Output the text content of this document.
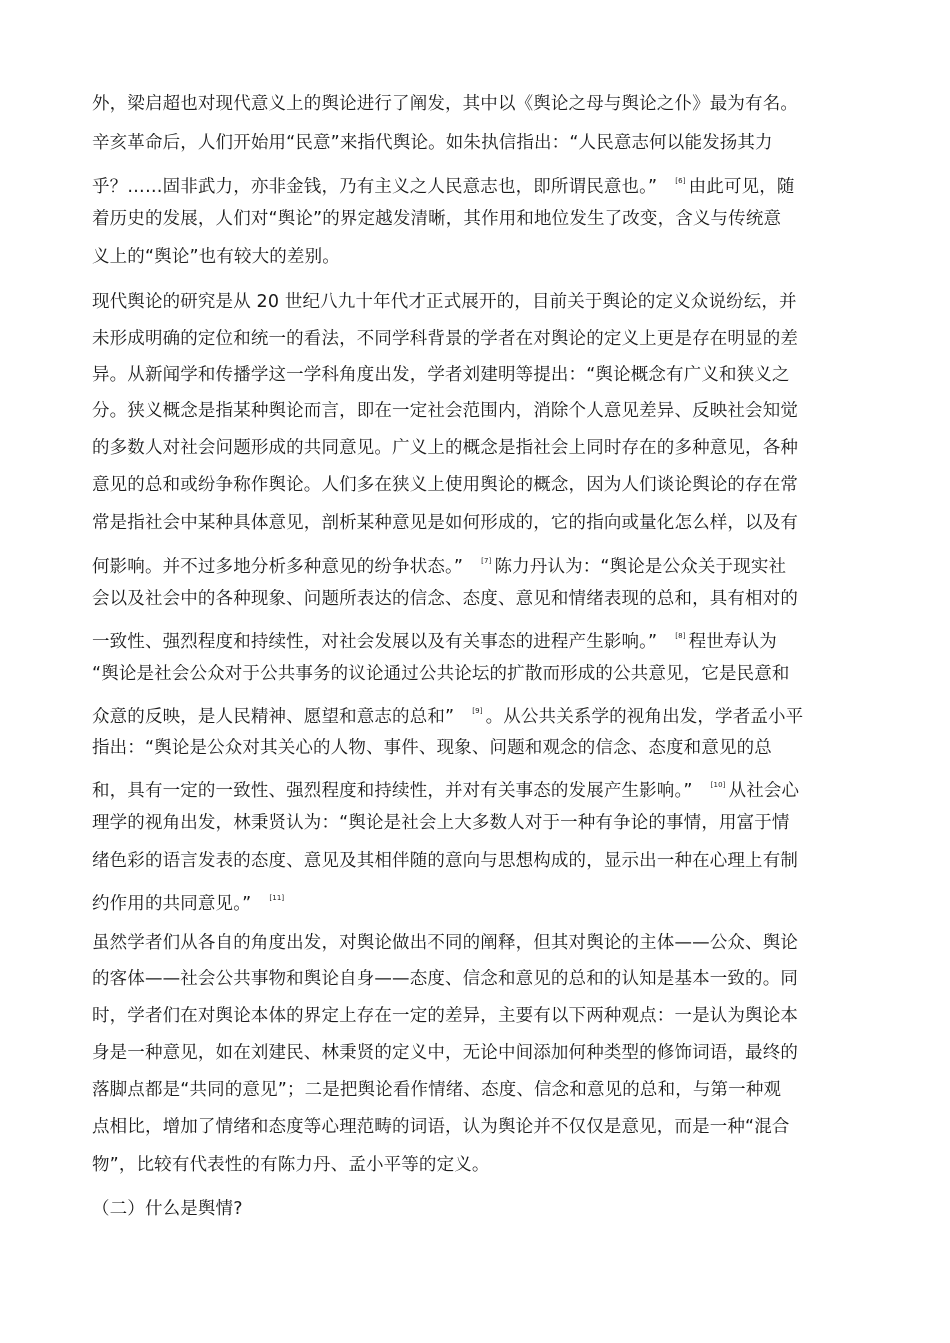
外，梁启超也对现代意义上的舆论进行了阐发，其中以《舆论之母与舆论之仆》最为有名。
辛亥革命后，人们开始用“民意”来指代舆论。如朱执信指出：“人民意志何以能发扬其力
乎？……固非武力，亦非金钱，乃有主义之人民意志也，即所谓民意也。”	[6] 由此可见，随
着历史的发展，人们对“舆论”的界定越发清晰，其作用和地位发生了改变，含义与传统意
义上的“舆论”也有较大的差别。
现代舆论的研究是从 20 世纪八九十年代才正式展开的，目前关于舆论的定义众说纷纭，并
未形成明确的定位和统一的看法，不同学科背景的学者在对舆论的定义上更是存在明显的差
异。从新闻学和传播学这一学科角度出发，学者刘建明等提出：“舆论概念有广义和狭义之
分。狭义概念是指某种舆论而言，即在一定社会范围内，消除个人意见差异、反映社会知觉
的多数人对社会问题形成的共同意见。广义上的概念是指社会上同时存在的多种意见，各种
意见的总和或纷争称作舆论。人们多在狭义上使用舆论的概念，因为人们谈论舆论的存在常
常是指社会中某种具体意见，剖析某种意见是如何形成的，它的指向或量化怎么样，以及有
何影响。并不过多地分析多种意见的纷争状态。”	[7] 陈力丹认为：“舆论是公众关于现实社
会以及社会中的各种现象、问题所表达的信念、态度、意见和情绪表现的总和，具有相对的
一致性、强烈程度和持续性，对社会发展以及有关事态的进程产生影响。”	[8] 程世寿认为
“舆论是社会公众对于公共事务的议论通过公共论坛的扩散而形成的公共意见，它是民意和
众意的反映，是人民精神、愿望和意志的总和”	[9] 。从公共关系学的视角出发，学者孟小平
指出：“舆论是公众对其关心的人物、事件、现象、问题和观念的信念、态度和意见的总
和，具有一定的一致性、强烈程度和持续性，并对有关事态的发展产生影响。”	[10] 从社会心
理学的视角出发，林秉贤认为：“舆论是社会上大多数人对于一种有争论的事情，用富于情
绪色彩的语言发表的态度、意见及其相伴随的意向与思想构成的，显示出一种在心理上有制
约作用的共同意见。”	[11]
虽然学者们从各自的角度出发，对舆论做出不同的阐释，但其对舆论的主体——公众、舆论
的客体——社会公共事物和舆论自身——态度、信念和意见的总和的认知是基本一致的。同
时，学者们在对舆论本体的界定上存在一定的差异，主要有以下两种观点：一是认为舆论本
身是一种意见，如在刘建民、林秉贤的定义中，无论中间添加何种类型的修饰词语，最终的
落脚点都是“共同的意见”；二是把舆论看作情绪、态度、信念和意见的总和，与第一种观
点相比，增加了情绪和态度等心理范畴的词语，认为舆论并不仅仅是意见，而是一种“混合
物”，比较有代表性的有陈力丹、孟小平等的定义。
（二）什么是舆情?
